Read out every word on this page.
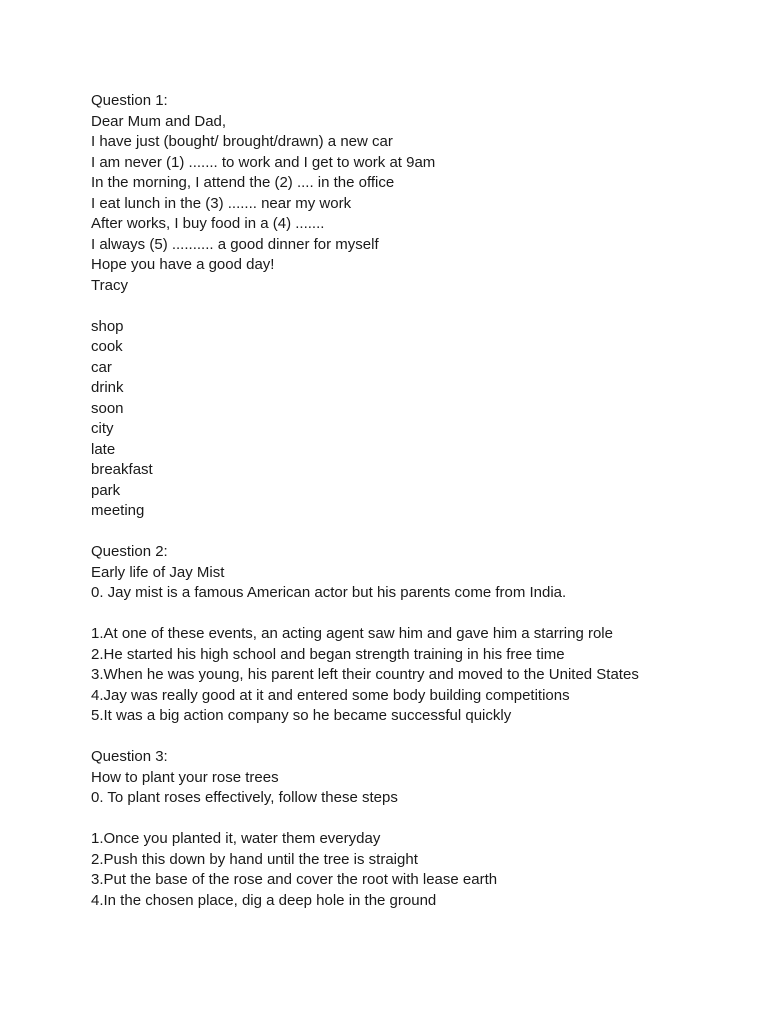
Question 1:
Dear Mum and Dad,
I have just (bought/ brought/drawn) a new car
I am never (1) ....... to work and I get to work at 9am
In the morning, I attend the (2) .... in the office
I eat lunch in the (3) ....... near my work
After works, I buy food in a (4) .......
I always (5) .......... a good dinner for myself
Hope you have a good day!
Tracy
shop
cook
car
drink
soon
city
late
breakfast
park
meeting
Question 2:
Early life of Jay Mist
0. Jay mist is a famous American actor but his parents come from India.
1.At one of these events, an acting agent saw him and gave him a starring role
2.He started his high school and began strength training in his free time
3.When he was young, his parent left their country and moved to the United States
4.Jay was really good at it and entered some body building competitions
5.It was a big action company so he became successful quickly
Question 3:
How to plant your rose trees
0. To plant roses effectively, follow these steps
1.Once you planted it, water them everyday
2.Push this down by hand until the tree is straight
3.Put the base of the rose and cover the root with lease earth
4.In the chosen place, dig a deep hole in the ground
